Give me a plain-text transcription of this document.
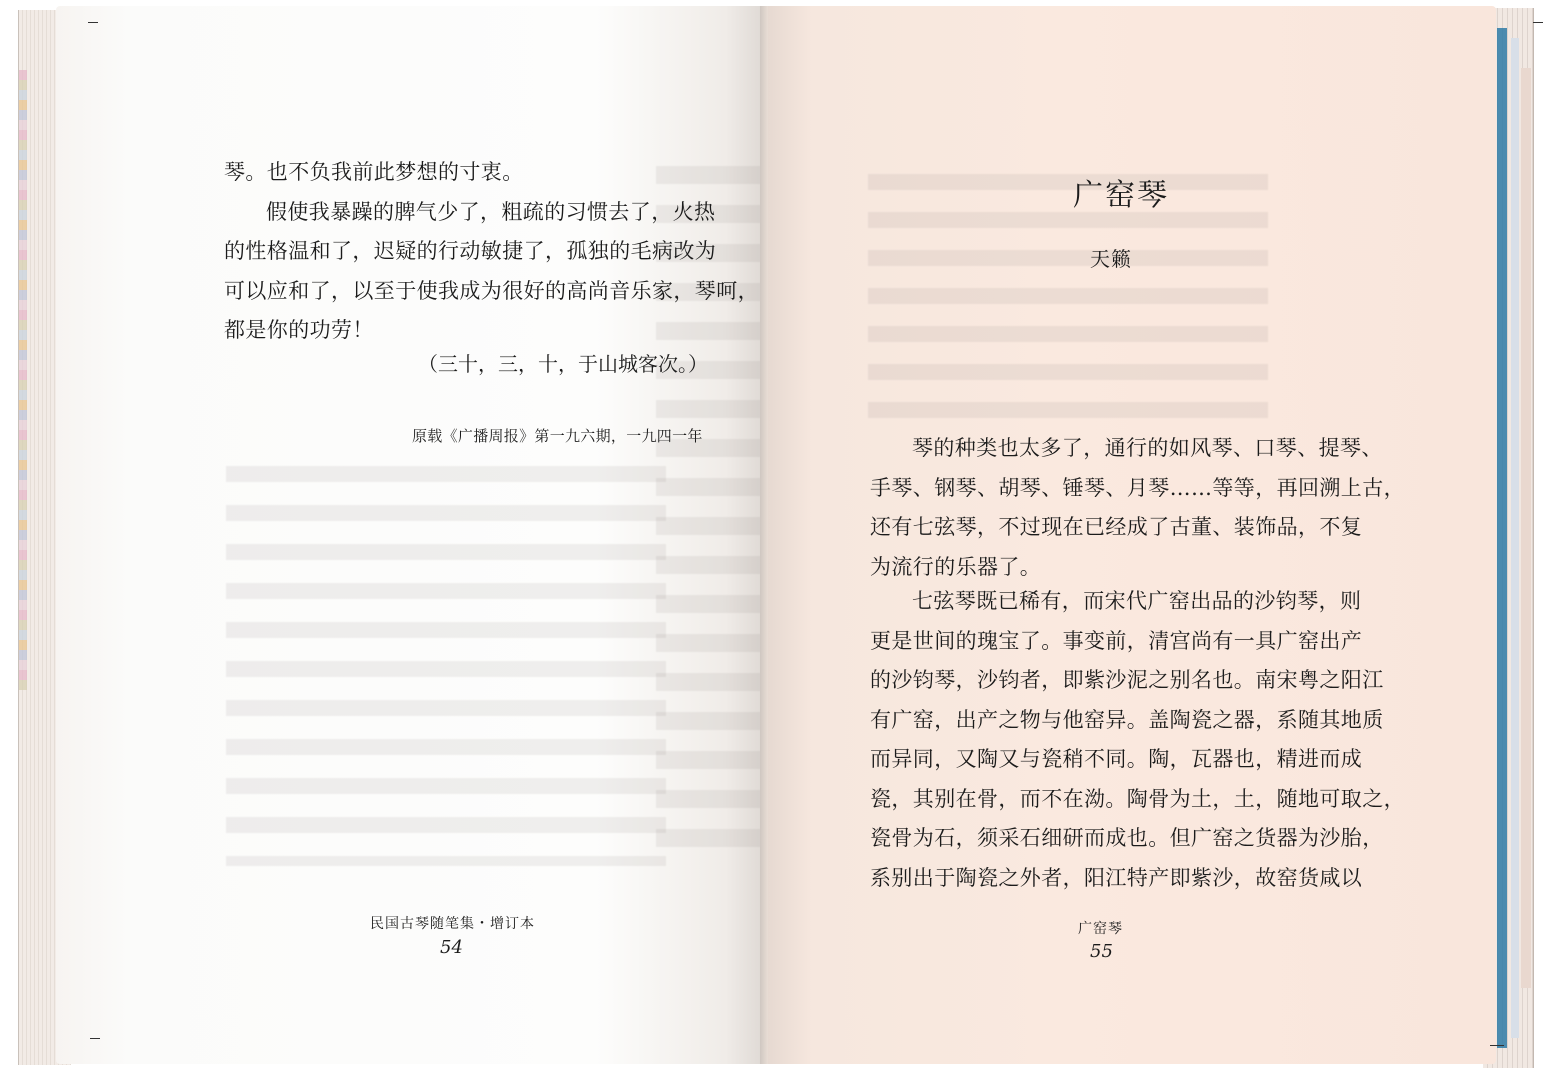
琴。也不负我前此梦想的寸衷。
假使我暴躁的脾气少了，粗疏的习惯去了，火热
的性格温和了，迟疑的行动敏捷了，孤独的毛病改为
可以应和了，以至于使我成为很好的高尚音乐家，琴呵，
都是你的功劳！
（三十，三，十，于山城客次。）
原载《广播周报》第一九六期，一九四一年
民国古琴随笔集・增订本
54
广窑琴
天籁
琴的种类也太多了，通行的如风琴、口琴、提琴、
手琴、钢琴、胡琴、锤琴、月琴……等等，再回溯上古，
还有七弦琴，不过现在已经成了古董、装饰品，不复
为流行的乐器了。
七弦琴既已稀有，而宋代广窑出品的沙钧琴，则
更是世间的瑰宝了。事变前，清宫尚有一具广窑出产
的沙钧琴，沙钧者，即紫沙泥之别名也。南宋粤之阳江
有广窑，出产之物与他窑异。盖陶瓷之器，系随其地质
而异同，又陶又与瓷稍不同。陶，瓦器也，精进而成
瓷，其别在骨，而不在泑。陶骨为土，土，随地可取之，
瓷骨为石，须采石细研而成也。但广窑之货器为沙胎，
系别出于陶瓷之外者，阳江特产即紫沙，故窑货咸以
广窑琴
55
